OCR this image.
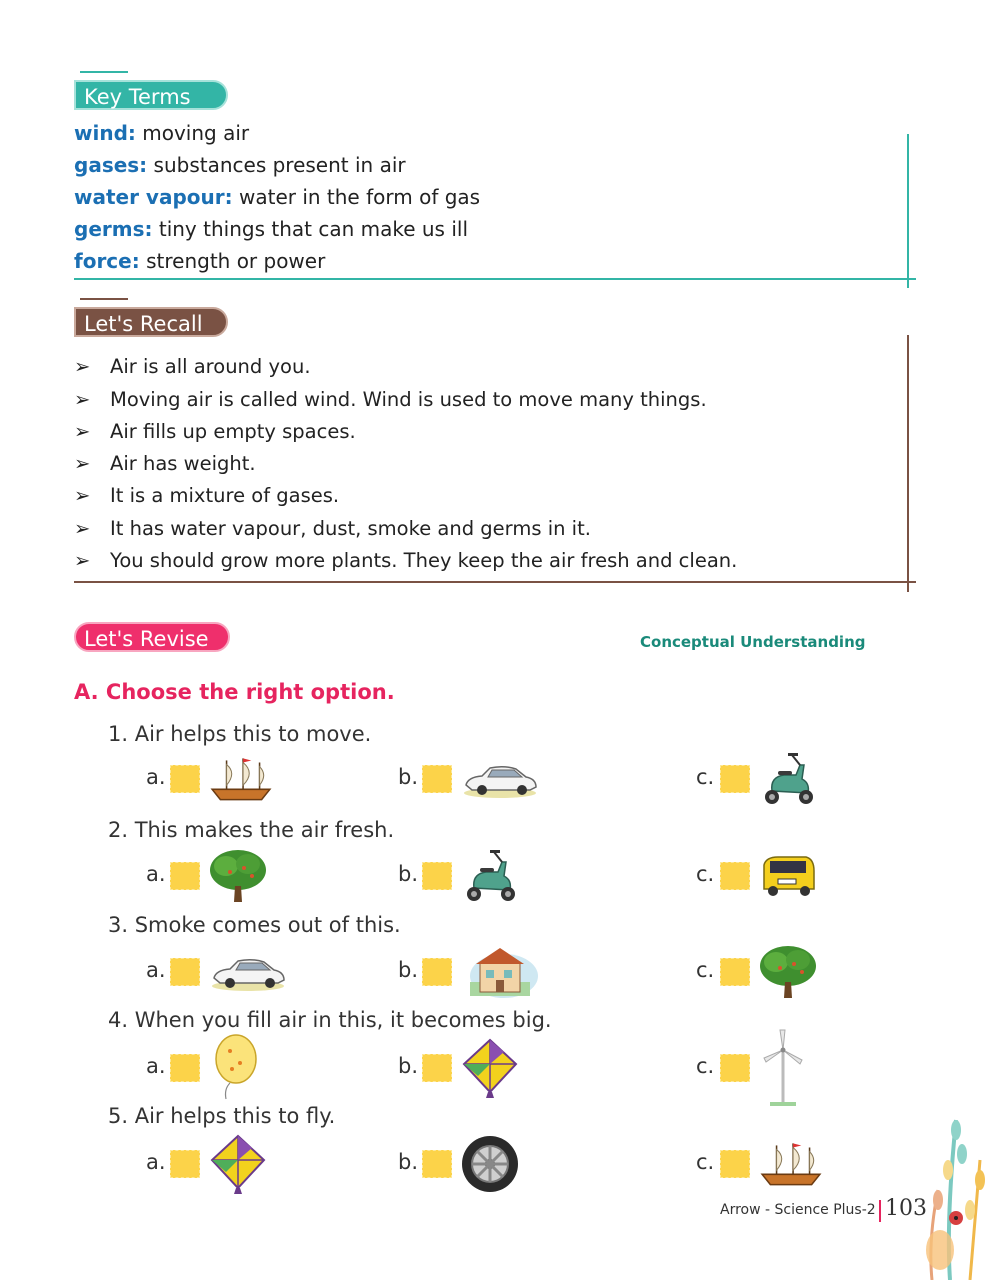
Key Terms
wind: moving air
gases: substances present in air
water vapour: water in the form of gas
germs: tiny things that can make us ill
force: strength or power
Let's Recall
➢ Air is all around you.
➢ Moving air is called wind. Wind is used to move many things.
➢ Air fills up empty spaces.
➢ Air has weight.
➢ It is a mixture of gases.
➢ It has water vapour, dust, smoke and germs in it.
➢ You should grow more plants. They keep the air fresh and clean.
Let's Revise	Conceptual Understanding
A. Choose the right option.
1. Air helps this to move.
a.	b.	c.
2. This makes the air fresh.
a.	b.	c.
3. Smoke comes out of this.
a.	b.	c.
4. When you fill air in this, it becomes big.
a.	b.	c.
5. Air helps this to fly.
a.	b.	c.
Arrow - Science Plus-2 103
